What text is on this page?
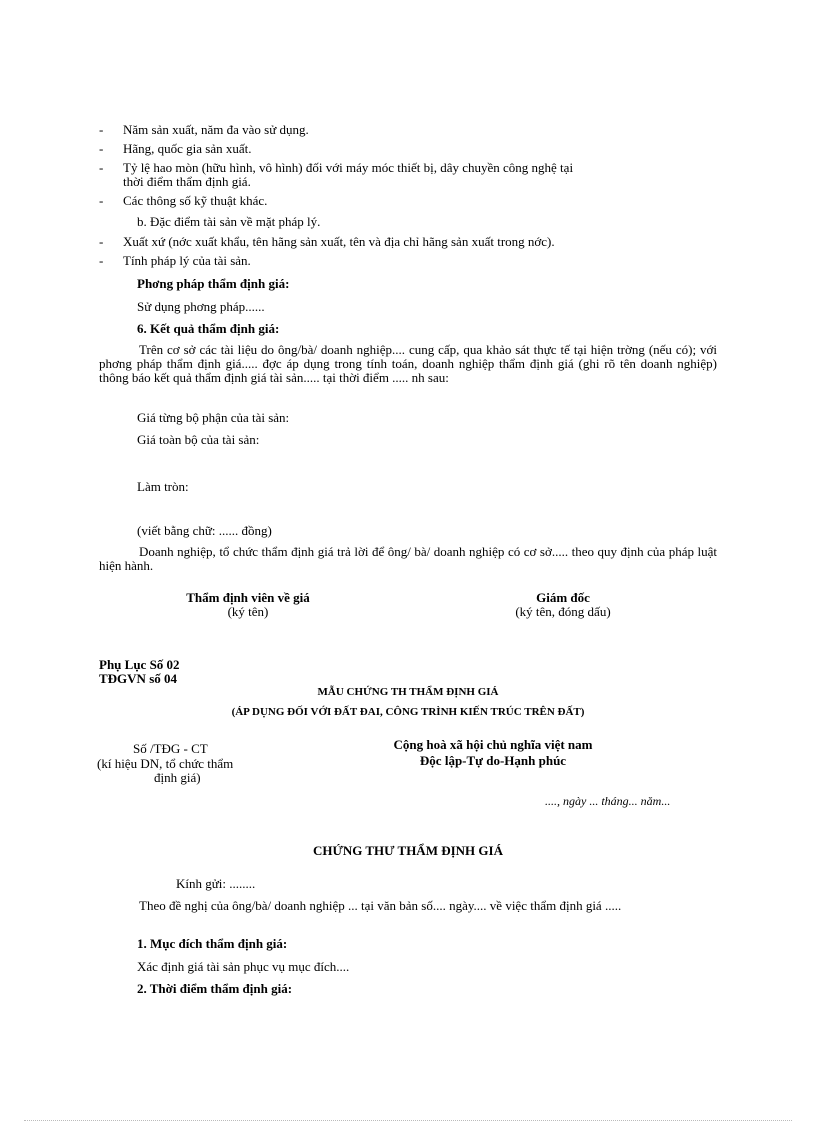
- Năm sản xuất, năm đa vào sử dụng.
- Hãng, quốc gia sản xuất.
- Tỷ lệ hao mòn (hữu hình, vô hình) đối với máy móc thiết bị, dây chuyền công nghệ tại
thời điểm thẩm định giá.
- Các thông số kỹ thuật khác.
b. Đặc điểm tài sản về mặt pháp lý.
- Xuất xứ (nớc xuất khẩu, tên hãng sản xuất, tên và địa chỉ hãng sản xuất trong nớc).
- Tính pháp lý của tài sản.
Phơng pháp thẩm định giá:
Sử dụng phơng pháp......
6. Kết quả thẩm định giá:
Trên cơ sở các tài liệu do ông/bà/ doanh nghiệp.... cung cấp, qua khảo sát thực tế tại hiện trờng (nếu có); với phơng pháp thẩm định giá..... đợc áp dụng trong tính toán, doanh nghiệp thẩm định giá (ghi rõ tên doanh nghiệp) thông báo kết quả thẩm định giá tài sản..... tại thời điểm ..... nh sau:
Giá từng bộ phận của tài sản:
Giá toàn bộ của tài sản:
Làm tròn:
(viết bằng chữ: ...... đồng)
Doanh nghiệp, tổ chức thẩm định giá trả lời để ông/ bà/ doanh nghiệp có cơ sở..... theo quy định của pháp luật hiện hành.
Thẩm định viên về giá
(ký tên)
Giám đốc
(ký tên, đóng dấu)
Phụ Lục Số 02
TĐGVN số 04
MẪU CHỨNG TH THẨM ĐỊNH GIÁ
(ÁP DỤNG ĐỐI VỚI ĐẤT ĐAI, CÔNG TRÌNH KIẾN TRÚC TRÊN ĐẤT)
Số /TĐG - CT
(kí hiệu DN, tổ chức thẩm
định giá)
Cộng hoà xã hội chủ nghĩa việt nam
Độc lập-Tự do-Hạnh phúc
...., ngày ... tháng... năm...
CHỨNG THƯ THẨM ĐỊNH GIÁ
Kính gửi: ........
Theo đề nghị của ông/bà/ doanh nghiệp ... tại văn bản số.... ngày.... về việc thẩm định giá .....
1. Mục đích thẩm định giá:
Xác định giá tài sản phục vụ mục đích....
2. Thời điểm thẩm định giá:
